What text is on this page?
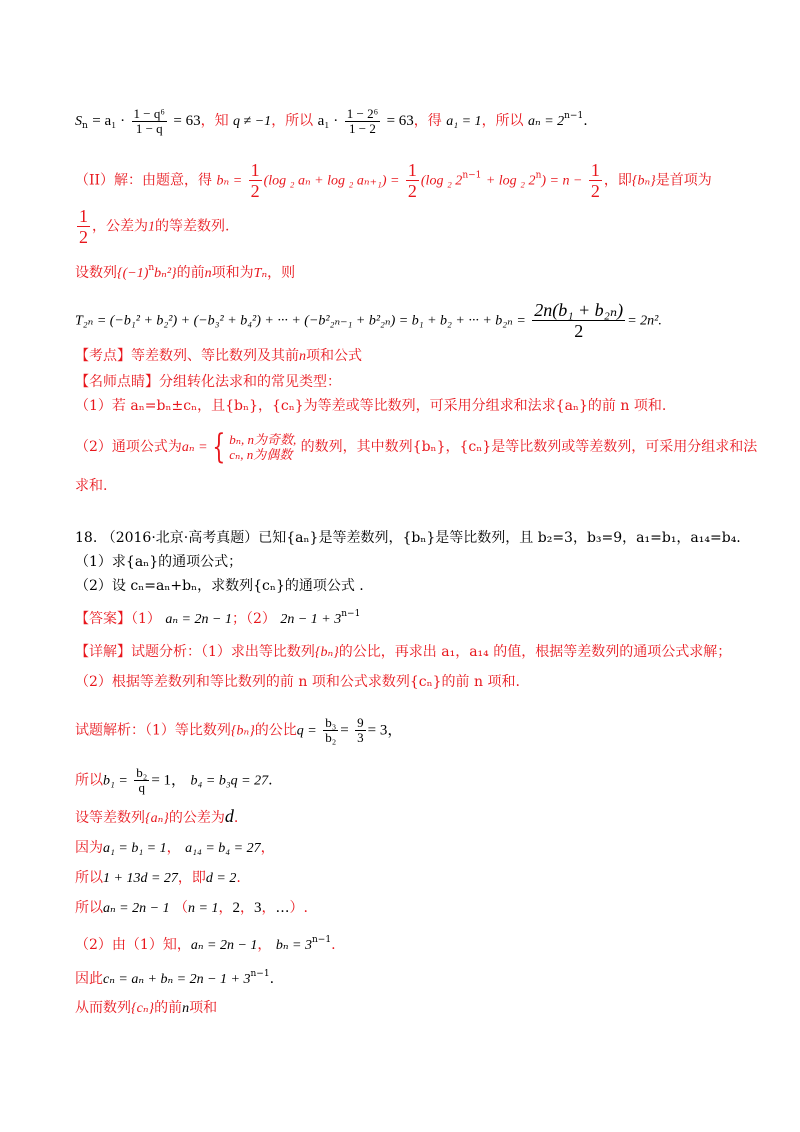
$S_n = a_1 \cdot \frac{\text{1 − q⁶}}{1 - q} = 63$，知 q ≠ −1，所以 $a_1 \cdot \frac{\text{1 − 2⁶}}{1 - 2} = 63$，得 a₁ = 1，所以 $a_n = 2^{n-1}$.
（II）解：由题意，得 $b_n = \frac{1}{2} (\log$ ₂ aₙ + log ₂ $a_{n+1}) = \frac{1}{2} (\log$ ₂ $2^{n-1} + \log _2$ $2^n) = n - \frac{1}{2}$ ，即{bₙ}是首项为
$\frac{1}{2}$ ，公差为1的等差数列.
设数列$\{(-1)^nb_n^2\}$的前n项和为Tₙ，则
T₂ₙ = (−b₁² + b₂²) + (−b₃² + b₄²) + ··· + (−b²₂ₙ₋₁ + b²₂ₙ) = b₁ + b₂ + ··· + $b_{2n} = \frac{\text{2n(b₁ + b₂ₙ)}}{2} = 2n^2$.
【考点】等差数列、等比数列及其前n项和公式
【名师点睛】分组转化法求和的常见类型：
（1）若 aₙ=bₙ±cₙ，且{bₙ}，{cₙ}为等差或等比数列，可采用分组求和法求{aₙ}的前 n 项和.
（2）通项公式为aₙ = { bₙ, n为奇数,
cₙ, n为偶数 的数列，其中数列{bₙ}，{cₙ}是等比数列或等差数列，可采用分组求和法
求和.
18. （2016·北京·高考真题）已知{aₙ}是等差数列，{bₙ}是等比数列，且 b₂=3，b₃=9，a₁=b₁，a₁₄=b₄.
（1）求{aₙ}的通项公式；
（2）设 cₙ=aₙ+bₙ，求数列{cₙ}的通项公式 .
【答案】（1） aₙ = 2n − 1；（2） $2n - 1 + 3^{n-1}$
【详解】试题分析：（1）求出等比数列{bₙ}的公比，再求出 a₁，a₁₄ 的值，根据等差数列的通项公式求解；
（2）根据等差数列和等比数列的前 n 项和公式求数列{cₙ}的前 n 项和.
试题解析：（1）等比数列{bₙ}的公比$q = \frac{\text{b₃}}{\text{b₂}} = \frac{9}{3} = 3$，
所以$b_1 = \frac{\text{b₂}}{q} = 1$， b₄ = b₃q = 27.
设等差数列{aₙ}的公差为d.
因为a₁ = b₁ = 1， a₁₄ = b₄ = 27，
所以1 + 13d = 27，即d = 2.
所以aₙ = 2n − 1 （n = 1，2，3，…）.
（2）由（1）知，aₙ = 2n − 1， $b_n = 3^{n-1}$.
因此$c_n = a_n + b_n = 2n - 1 + 3^{n-1}$.
从而数列{cₙ}的前n项和
